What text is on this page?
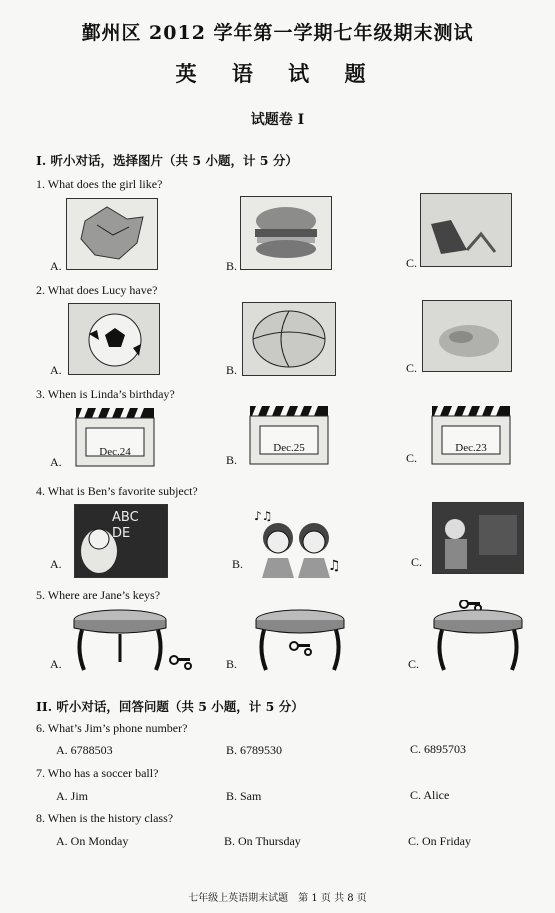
鄞州区 2012 学年第一学期七年级期末测试
英 语 试 题
试题卷 I
I. 听小对话，选择图片（共 5 小题，计 5 分）
1. What does the girl like?
A.	B.	C.
2. What does Lucy have?
A.	B.	C.
3. When is Linda’s birthday?
A.
Dec.24
B.
Dec.25
C.
Dec.23
4. What is Ben’s favorite subject?
A.
ABC
DE
B.
♪♫
♫	C.
5. Where are Jane’s keys?
A.	B.	C.
II. 听小对话，回答问题（共 5 小题，计 5 分）
6. What’s Jim’s phone number?
A. 6788503	B. 6789530	C. 6895703
7. Who has a soccer ball?
A. Jim	B. Sam	C. Alice
8. When is the history class?
A. On Monday	B. On Thursday	C. On Friday
七年级上英语期末试题　第 1 页 共 8 页
